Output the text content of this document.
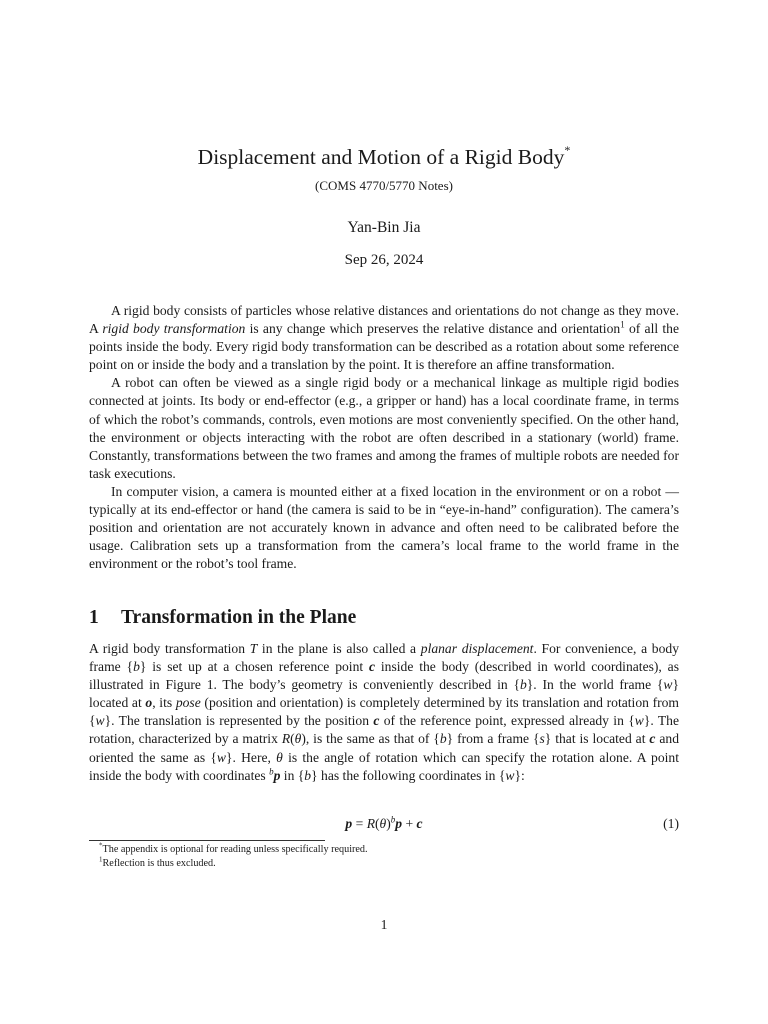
Displacement and Motion of a Rigid Body*
(COMS 4770/5770 Notes)
Yan-Bin Jia
Sep 26, 2024

A rigid body consists of particles whose relative distances and orientations do not change as they move. A rigid body transformation is any change which preserves the relative distance and orientation$^1$ of all the points inside the body. Every rigid body transformation can be described as a rotation about some reference point on or inside the body and a translation by the point. It is therefore an affine transformation.

A robot can often be viewed as a single rigid body or a mechanical linkage as multiple rigid bodies connected at joints. Its body or end-effector (e.g., a gripper or hand) has a local coordinate frame, in terms of which the robot’s commands, controls, even motions are most conveniently specified. On the other hand, the environment or objects interacting with the robot are often described in a stationary (world) frame. Constantly, transformations between the two frames and among the frames of multiple robots are needed for task executions.

In computer vision, a camera is mounted either at a fixed location in the environment or on a robot — typically at its end-effector or hand (the camera is said to be in “eye-in-hand” configuration). The camera’s position and orientation are not accurately known in advance and often need to be calibrated before the usage. Calibration sets up a transformation from the camera’s local frame to the world frame in the environment or the robot’s tool frame.

1 Transformation in the Plane

A rigid body transformation T in the plane is also called a planar displacement. For convenience, a body frame {b} is set up at a chosen reference point c inside the body (described in world coordinates), as illustrated in Figure 1. The body’s geometry is conveniently described in {b}. In the world frame {w} located at o, its pose (position and orientation) is completely determined by its translation and rotation from {w}. The translation is represented by the position c of the reference point, expressed already in {w}. The rotation, characterized by a matrix R(θ), is the same as that of {b} from a frame {s} that is located at c and oriented the same as {w}. Here, θ is the angle of rotation which can specify the rotation alone. A point inside the body with coordinates $^b$p in {b} has the following coordinates in {w}:

$p = R(\theta)^bp + c$	(1)
*The appendix is optional for reading unless specifically required.
$^1$Reflection is thus excluded.
1
